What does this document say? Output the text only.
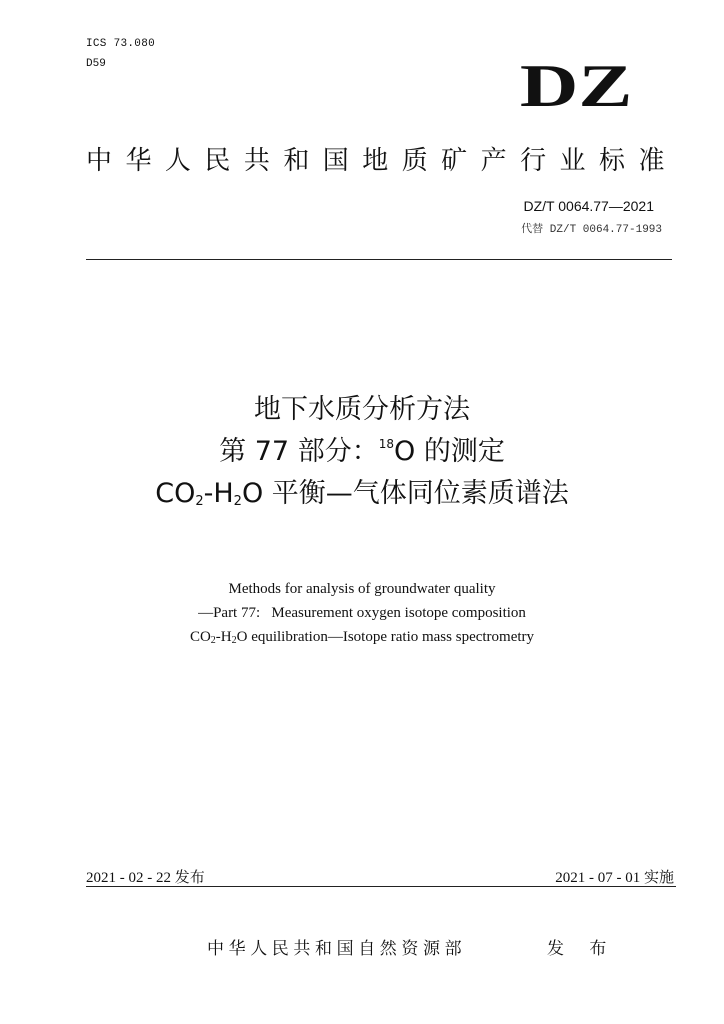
ICS 73.080
D59	DZ
中华人民共和国地质矿产行业标准
DZ/T 0064.77—2021
代替 DZ/T 0064.77-1993
地下水质分析方法
第 77 部分：$^{18}$O 的测定
$CO_2-H_2O$ 平衡—气体同位素质谱法
Methods for analysis of groundwater quality
—Part 77:   Measurement oxygen isotope composition
$CO_2-H_2O$ equilibration—Isotope ratio mass spectrometry
2021 - 02 - 22 发布	2021 - 07 - 01 实施
中华人民共和国自然资源部	发 布
